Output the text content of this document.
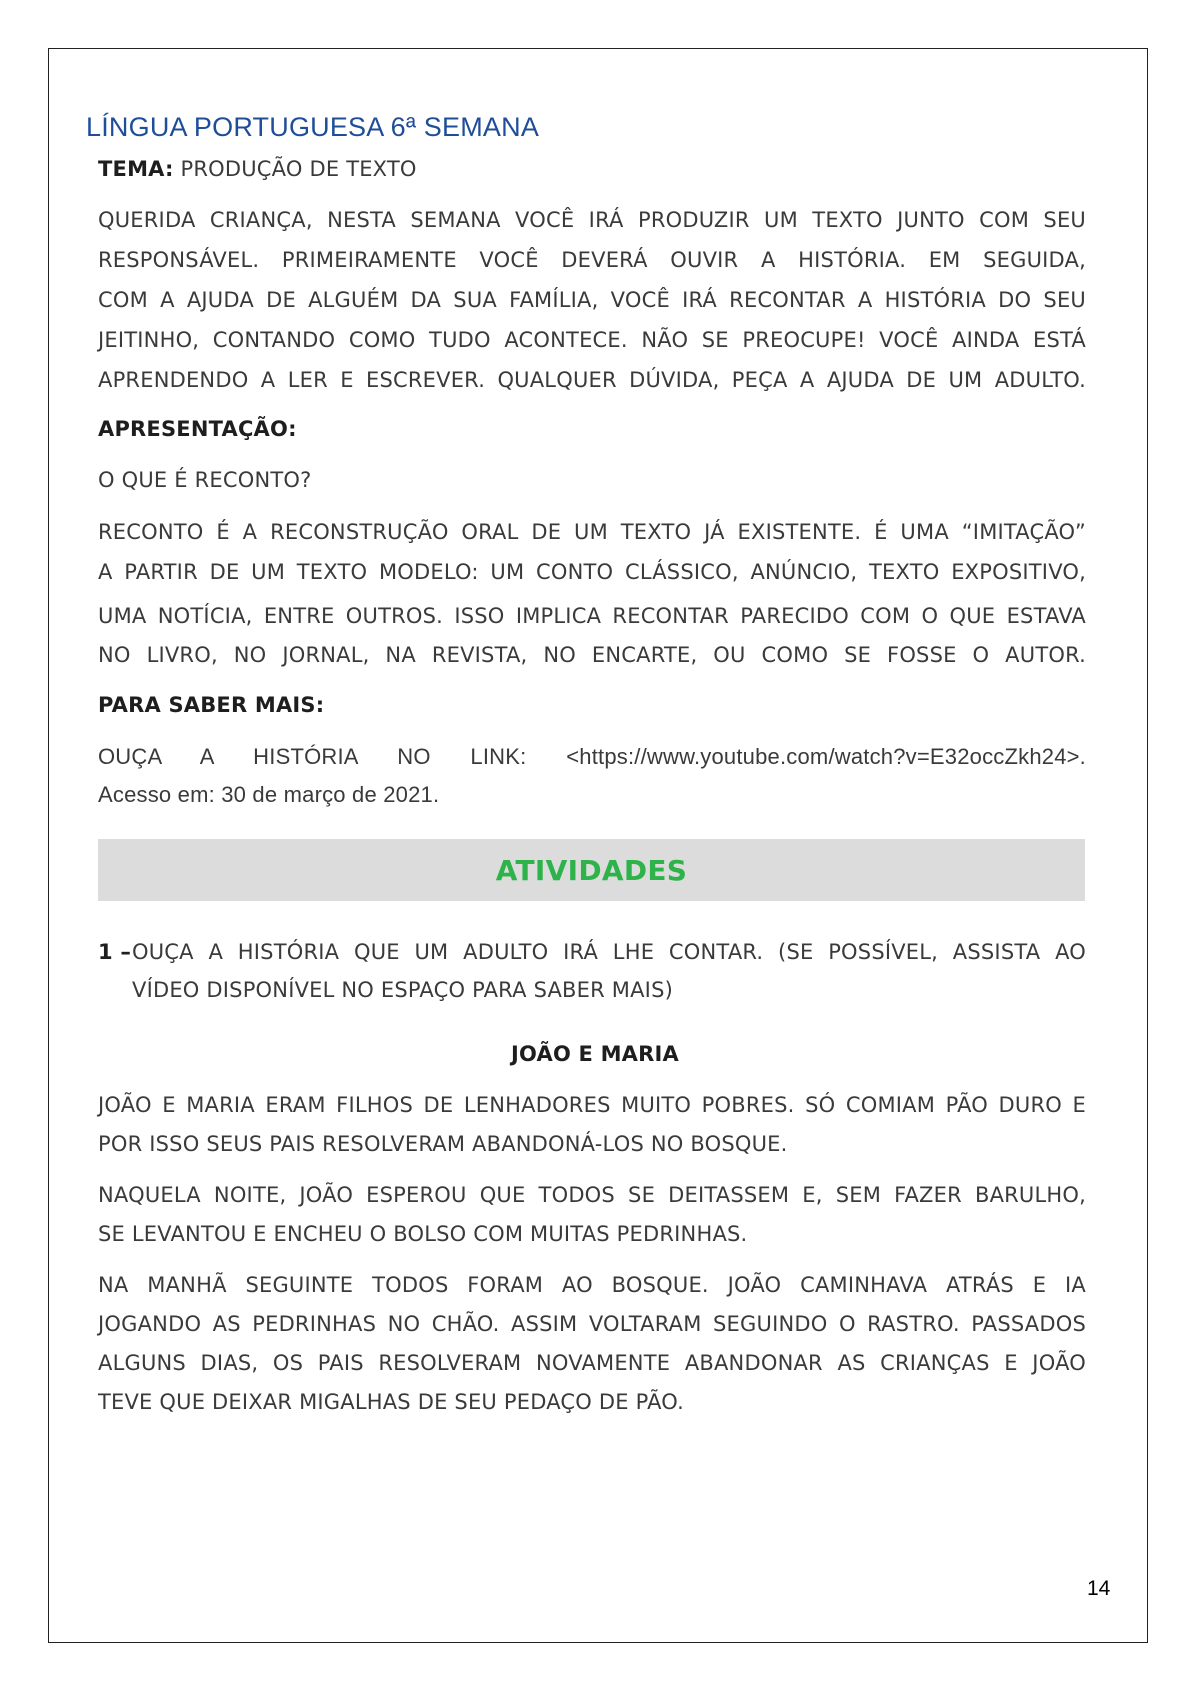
LÍNGUA PORTUGUESA 6ª SEMANA
TEMA: PRODUÇÃO DE TEXTO
QUERIDA CRIANÇA, NESTA SEMANA VOCÊ IRÁ PRODUZIR UM TEXTO JUNTO COM SEU
RESPONSÁVEL. PRIMEIRAMENTE VOCÊ DEVERÁ OUVIR A HISTÓRIA. EM SEGUIDA,
COM A AJUDA DE ALGUÉM DA SUA FAMÍLIA, VOCÊ IRÁ RECONTAR A HISTÓRIA DO SEU
JEITINHO, CONTANDO COMO TUDO ACONTECE. NÃO SE PREOCUPE! VOCÊ AINDA ESTÁ
APRENDENDO A LER E ESCREVER. QUALQUER DÚVIDA, PEÇA A AJUDA DE UM ADULTO.
APRESENTAÇÃO:
O QUE É RECONTO?
RECONTO É A RECONSTRUÇÃO ORAL DE UM TEXTO JÁ EXISTENTE. É UMA “IMITAÇÃO”
A PARTIR DE UM TEXTO MODELO: UM CONTO CLÁSSICO, ANÚNCIO, TEXTO EXPOSITIVO,
UMA NOTÍCIA, ENTRE OUTROS. ISSO IMPLICA RECONTAR PARECIDO COM O QUE ESTAVA
NO LIVRO, NO JORNAL, NA REVISTA, NO ENCARTE, OU COMO SE FOSSE O AUTOR.
PARA SABER MAIS:
OUÇA A HISTÓRIA NO LINK: <https://www.youtube.com/watch?v=E32occZkh24>.
Acesso em: 30 de março de 2021.
ATIVIDADES
1 – OUÇA A HISTÓRIA QUE UM ADULTO IRÁ LHE CONTAR. (SE POSSÍVEL, ASSISTA AO
VÍDEO DISPONÍVEL NO ESPAÇO PARA SABER MAIS)
JOÃO E MARIA
JOÃO E MARIA ERAM FILHOS DE LENHADORES MUITO POBRES. SÓ COMIAM PÃO DURO E
POR ISSO SEUS PAIS RESOLVERAM ABANDONÁ-LOS NO BOSQUE.
NAQUELA NOITE, JOÃO ESPEROU QUE TODOS SE DEITASSEM E, SEM FAZER BARULHO,
SE LEVANTOU E ENCHEU O BOLSO COM MUITAS PEDRINHAS.
NA MANHÃ SEGUINTE TODOS FORAM AO BOSQUE. JOÃO CAMINHAVA ATRÁS E IA
JOGANDO AS PEDRINHAS NO CHÃO. ASSIM VOLTARAM SEGUINDO O RASTRO. PASSADOS
ALGUNS DIAS, OS PAIS RESOLVERAM NOVAMENTE ABANDONAR AS CRIANÇAS E JOÃO
TEVE QUE DEIXAR MIGALHAS DE SEU PEDAÇO DE PÃO.
14
